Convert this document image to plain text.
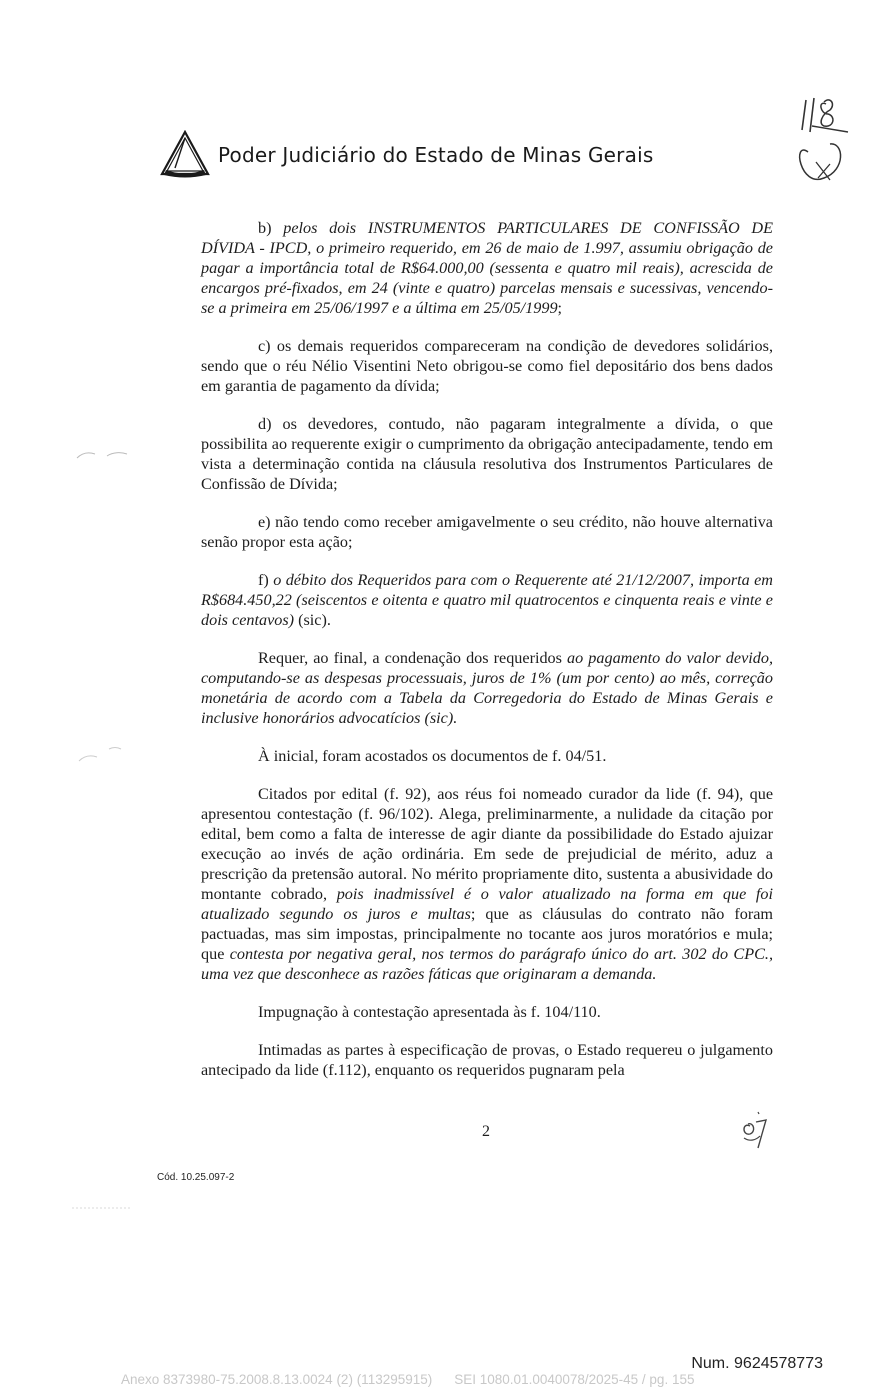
Poder Judiciário do Estado de Minas Gerais

b) pelos dois INSTRUMENTOS PARTICULARES DE CONFISSÃO DE DÍVIDA - IPCD, o primeiro requerido, em 26 de maio de 1.997, assumiu obrigação de pagar a importância total de R$64.000,00 (sessenta e quatro mil reais), acrescida de encargos pré-fixados, em 24 (vinte e quatro) parcelas mensais e sucessivas, vencendo-se a primeira em 25/06/1997 e a última em 25/05/1999;

c) os demais requeridos compareceram na condição de devedores solidários, sendo que o réu Nélio Visentini Neto obrigou-se como fiel depositário dos bens dados em garantia de pagamento da dívida;

d) os devedores, contudo, não pagaram integralmente a dívida, o que possibilita ao requerente exigir o cumprimento da obrigação antecipadamente, tendo em vista a determinação contida na cláusula resolutiva dos Instrumentos Particulares de Confissão de Dívida;

e) não tendo como receber amigavelmente o seu crédito, não houve alternativa senão propor esta ação;

f) o débito dos Requeridos para com o Requerente até 21/12/2007, importa em R$684.450,22 (seiscentos e oitenta e quatro mil quatrocentos e cinquenta reais e vinte e dois centavos) (sic).

Requer, ao final, a condenação dos requeridos ao pagamento do valor devido, computando-se as despesas processuais, juros de 1% (um por cento) ao mês, correção monetária de acordo com a Tabela da Corregedoria do Estado de Minas Gerais e inclusive honorários advocatícios (sic).

À inicial, foram acostados os documentos de f. 04/51.

Citados por edital (f. 92), aos réus foi nomeado curador da lide (f. 94), que apresentou contestação (f. 96/102). Alega, preliminarmente, a nulidade da citação por edital, bem como a falta de interesse de agir diante da possibilidade do Estado ajuizar execução ao invés de ação ordinária. Em sede de prejudicial de mérito, aduz a prescrição da pretensão autoral. No mérito propriamente dito, sustenta a abusividade do montante cobrado, pois inadmissível é o valor atualizado na forma em que foi atualizado segundo os juros e multas; que as cláusulas do contrato não foram pactuadas, mas sim impostas, principalmente no tocante aos juros moratórios e mula; que contesta por negativa geral, nos termos do parágrafo único do art. 302 do CPC., uma vez que desconhece as razões fáticas que originaram a demanda.

Impugnação à contestação apresentada às f. 104/110.

Intimadas as partes à especificação de provas, o Estado requereu o julgamento antecipado da lide (f.112), enquanto os requeridos pugnaram pela

2
Cód. 10.25.097-2
Num. 9624578773
Anexo 8373980-75.2008.8.13.0024 (2) (113295915) SEI 1080.01.0040078/2025-45 / pg. 155
